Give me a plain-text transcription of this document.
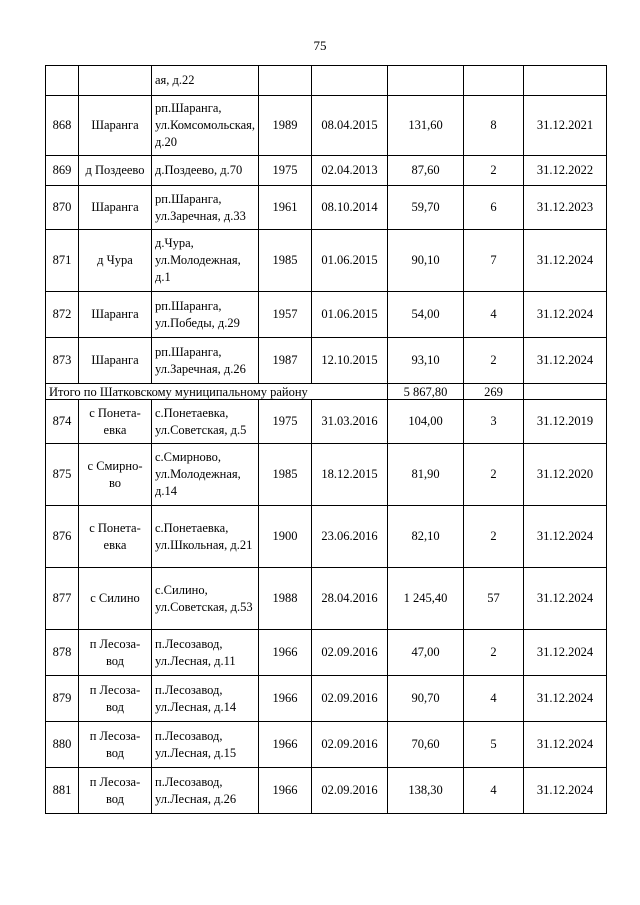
75
		ая, д.22					
868	Шаранга	рп.Шаранга, ул.Комсомольская, д.20	1989	08.04.2015	131,60	8	31.12.2021
869	д Поздеево	д.Поздеево, д.70	1975	02.04.2013	87,60	2	31.12.2022
870	Шаранга	рп.Шаранга, ул.Заречная, д.33	1961	08.10.2014	59,70	6	31.12.2023
871	д Чура	д.Чура, ул.Молодежная, д.1	1985	01.06.2015	90,10	7	31.12.2024
872	Шаранга	рп.Шаранга, ул.Победы, д.29	1957	01.06.2015	54,00	4	31.12.2024
873	Шаранга	рп.Шаранга, ул.Заречная, д.26	1987	12.10.2015	93,10	2	31.12.2024
Итого по Шатковскому муниципальному району					5 867,80	269	
874	с Понета-евка	с.Понетаевка, ул.Советская, д.5	1975	31.03.2016	104,00	3	31.12.2019
875	с Смирно-во	с.Смирново, ул.Молодежная, д.14	1985	18.12.2015	81,90	2	31.12.2020
876	с Понета-евка	с.Понетаевка, ул.Школьная, д.21	1900	23.06.2016	82,10	2	31.12.2024
877	с Силино	с.Силино, ул.Советская, д.53	1988	28.04.2016	1 245,40	57	31.12.2024
878	п Лесоза-вод	п.Лесозавод, ул.Лесная, д.11	1966	02.09.2016	47,00	2	31.12.2024
879	п Лесоза-вод	п.Лесозавод, ул.Лесная, д.14	1966	02.09.2016	90,70	4	31.12.2024
880	п Лесоза-вод	п.Лесозавод, ул.Лесная, д.15	1966	02.09.2016	70,60	5	31.12.2024
881	п Лесоза-вод	п.Лесозавод, ул.Лесная, д.26	1966	02.09.2016	138,30	4	31.12.2024
